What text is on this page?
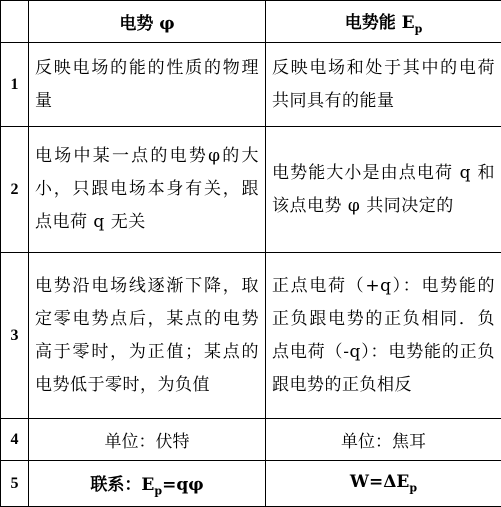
	电势 φ	电势能 $E_p$
1	反映电场的能的性质的物理量	反映电场和处于其中的电荷共同具有的能量
2	电场中某一点的电势φ的大小，只跟电场本身有关，跟点电荷 q 无关	电势能大小是由点电荷 q 和该点电势 φ 共同决定的
3	电势沿电场线逐渐下降，取定零电势点后，某点的电势高于零时，为正值；某点的电势低于零时，为负值	正点电荷（+q）：电势能的正负跟电势的正负相同．负点电荷（-q）：电势能的正负跟电势的正负相反
4	单位：伏特	单位：焦耳
5	联系：$E_p=q\varphi$	$W=\Delta E_p$
